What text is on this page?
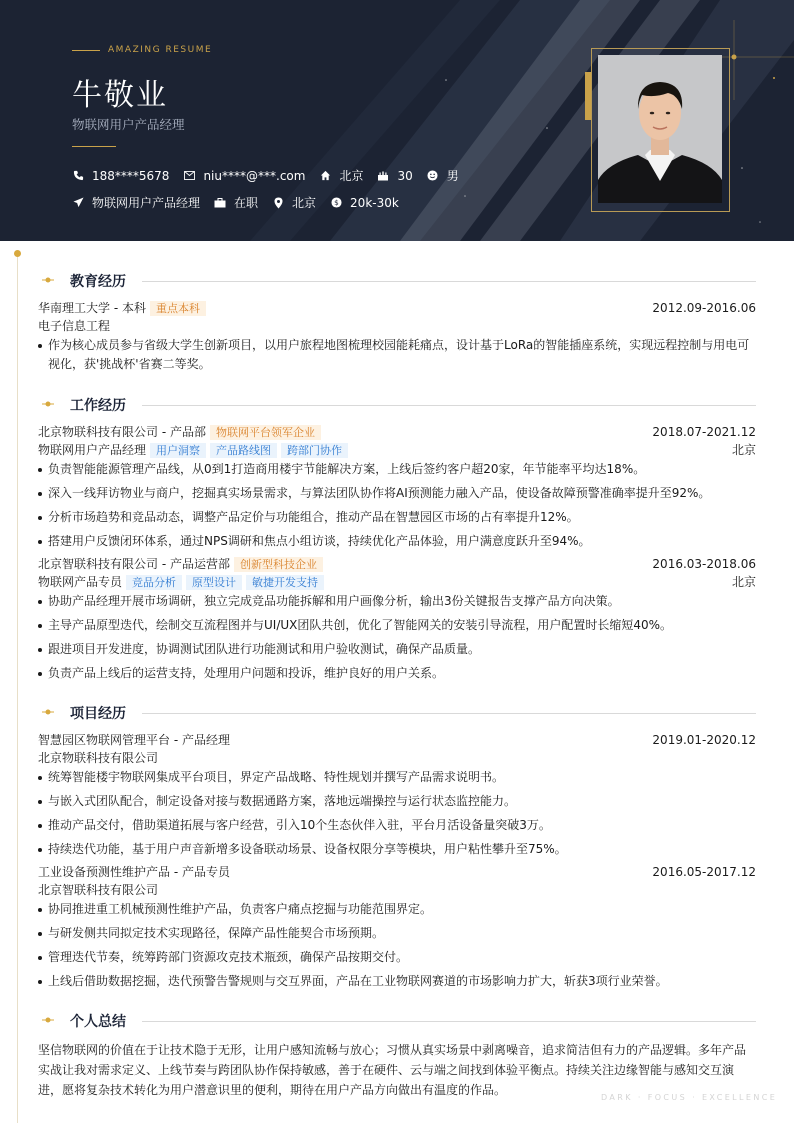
AMAZING RESUME
牛敬业
物联网用户产品经理
188****5678	niu****@***.com	北京	30	男
物联网用户产品经理	在职	北京 $ 20k-30k
教育经历
华南理工大学 - 本科 重点本科	2012.09-2016.06
电子信息工程
作为核心成员参与省级大学生创新项目，以用户旅程地图梳理校园能耗痛点，设计基于LoRa的智能插座系统，实现远程控制与用电可视化，获'挑战杯'省赛二等奖。
工作经历
北京物联科技有限公司 - 产品部 物联网平台领军企业	2018.07-2021.12
物联网用户产品经理 用户洞察 产品路线图 跨部门协作	北京
负责智能能源管理产品线，从0到1打造商用楼宇节能解决方案，上线后签约客户超20家，年节能率平均达18%。
深入一线拜访物业与商户，挖掘真实场景需求，与算法团队协作将AI预测能力融入产品，使设备故障预警准确率提升至92%。
分析市场趋势和竞品动态，调整产品定价与功能组合，推动产品在智慧园区市场的占有率提升12%。
搭建用户反馈闭环体系，通过NPS调研和焦点小组访谈，持续优化产品体验，用户满意度跃升至94%。
北京智联科技有限公司 - 产品运营部 创新型科技企业	2016.03-2018.06
物联网产品专员 竞品分析 原型设计 敏捷开发支持	北京
协助产品经理开展市场调研，独立完成竞品功能拆解和用户画像分析，输出3份关键报告支撑产品方向决策。
主导产品原型迭代，绘制交互流程图并与UI/UX团队共创，优化了智能网关的安装引导流程，用户配置时长缩短40%。
跟进项目开发进度，协调测试团队进行功能测试和用户验收测试，确保产品质量。
负责产品上线后的运营支持，处理用户问题和投诉，维护良好的用户关系。
项目经历
智慧园区物联网管理平台 - 产品经理	2019.01-2020.12
北京物联科技有限公司
统筹智能楼宇物联网集成平台项目，界定产品战略、特性规划并撰写产品需求说明书。
与嵌入式团队配合，制定设备对接与数据通路方案，落地远端操控与运行状态监控能力。
推动产品交付，借助渠道拓展与客户经营，引入10个生态伙伴入驻，平台月活设备量突破3万。
持续迭代功能，基于用户声音新增多设备联动场景、设备权限分享等模块，用户粘性攀升至75%。
工业设备预测性维护产品 - 产品专员	2016.05-2017.12
北京智联科技有限公司
协同推进重工机械预测性维护产品，负责客户痛点挖掘与功能范围界定。
与研发侧共同拟定技术实现路径，保障产品性能契合市场预期。
管理迭代节奏，统筹跨部门资源攻克技术瓶颈，确保产品按期交付。
上线后借助数据挖掘，迭代预警告警规则与交互界面，产品在工业物联网赛道的市场影响力扩大，斩获3项行业荣誉。
个人总结
坚信物联网的价值在于让技术隐于无形，让用户感知流畅与放心；习惯从真实场景中剥离噪音，追求简洁但有力的产品逻辑。多年产品实战让我对需求定义、上线节奏与跨团队协作保持敏感，善于在硬件、云与端之间找到体验平衡点。持续关注边缘智能与感知交互演进，愿将复杂技术转化为用户潜意识里的便利，期待在用户产品方向做出有温度的作品。
DARK · FOCUS · EXCELLENCE
